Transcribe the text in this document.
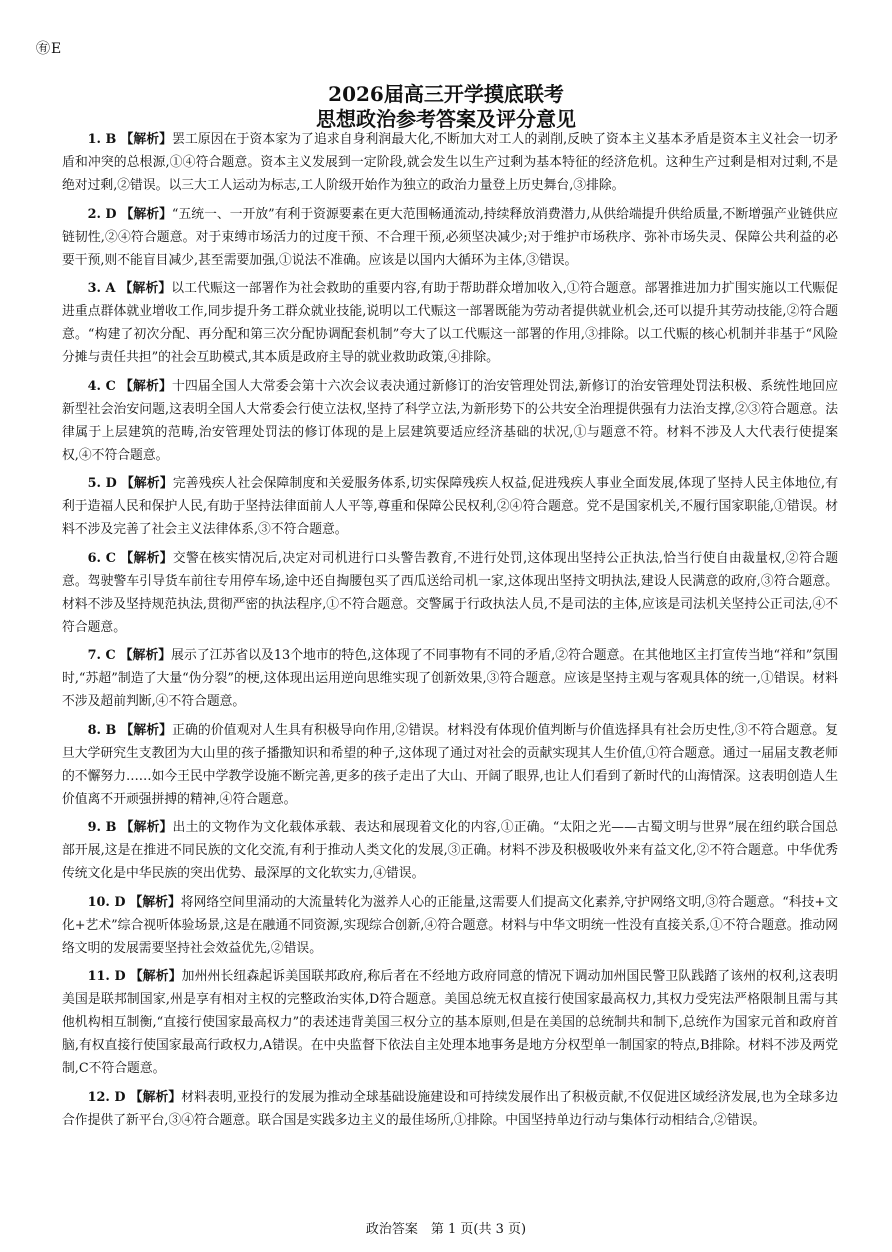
㊒E
2026届高三开学摸底联考
思想政治参考答案及评分意见

1. B 【解析】罢工原因在于资本家为了追求自身利润最大化,不断加大对工人的剥削,反映了资本主义基本矛盾是资本主义社会一切矛盾和冲突的总根源,①④符合题意。资本主义发展到一定阶段,就会发生以生产过剩为基本特征的经济危机。这种生产过剩是相对过剩,不是绝对过剩,②错误。以三大工人运动为标志,工人阶级开始作为独立的政治力量登上历史舞台,③排除。

2. D 【解析】“五统一、一开放”有利于资源要素在更大范围畅通流动,持续释放消费潜力,从供给端提升供给质量,不断增强产业链供应链韧性,②④符合题意。对于束缚市场活力的过度干预、不合理干预,必须坚决减少;对于维护市场秩序、弥补市场失灵、保障公共利益的必要干预,则不能盲目减少,甚至需要加强,①说法不准确。应该是以国内大循环为主体,③错误。

3. A 【解析】以工代赈这一部署作为社会救助的重要内容,有助于帮助群众增加收入,①符合题意。部署推进加力扩围实施以工代赈促进重点群体就业增收工作,同步提升务工群众就业技能,说明以工代赈这一部署既能为劳动者提供就业机会,还可以提升其劳动技能,②符合题意。“构建了初次分配、再分配和第三次分配协调配套机制”夸大了以工代赈这一部署的作用,③排除。以工代赈的核心机制并非基于“风险分摊与责任共担”的社会互助模式,其本质是政府主导的就业救助政策,④排除。

4. C 【解析】十四届全国人大常委会第十六次会议表决通过新修订的治安管理处罚法,新修订的治安管理处罚法积极、系统性地回应新型社会治安问题,这表明全国人大常委会行使立法权,坚持了科学立法,为新形势下的公共安全治理提供强有力法治支撑,②③符合题意。法律属于上层建筑的范畴,治安管理处罚法的修订体现的是上层建筑要适应经济基础的状况,①与题意不符。材料不涉及人大代表行使提案权,④不符合题意。

5. D 【解析】完善残疾人社会保障制度和关爱服务体系,切实保障残疾人权益,促进残疾人事业全面发展,体现了坚持人民主体地位,有利于造福人民和保护人民,有助于坚持法律面前人人平等,尊重和保障公民权利,②④符合题意。党不是国家机关,不履行国家职能,①错误。材料不涉及完善了社会主义法律体系,③不符合题意。

6. C 【解析】交警在核实情况后,决定对司机进行口头警告教育,不进行处罚,这体现出坚持公正执法,恰当行使自由裁量权,②符合题意。驾驶警车引导货车前往专用停车场,途中还自掏腰包买了西瓜送给司机一家,这体现出坚持文明执法,建设人民满意的政府,③符合题意。材料不涉及坚持规范执法,贯彻严密的执法程序,①不符合题意。交警属于行政执法人员,不是司法的主体,应该是司法机关坚持公正司法,④不符合题意。

7. C 【解析】展示了江苏省以及13个地市的特色,这体现了不同事物有不同的矛盾,②符合题意。在其他地区主打宣传当地“祥和”氛围时,“苏超”制造了大量“伪分裂”的梗,这体现出运用逆向思维实现了创新效果,③符合题意。应该是坚持主观与客观具体的统一,①错误。材料不涉及超前判断,④不符合题意。

8. B 【解析】正确的价值观对人生具有积极导向作用,②错误。材料没有体现价值判断与价值选择具有社会历史性,③不符合题意。复旦大学研究生支教团为大山里的孩子播撒知识和希望的种子,这体现了通过对社会的贡献实现其人生价值,①符合题意。通过一届届支教老师的不懈努力……如今王民中学教学设施不断完善,更多的孩子走出了大山、开阔了眼界,也让人们看到了新时代的山海情深。这表明创造人生价值离不开顽强拼搏的精神,④符合题意。

9. B 【解析】出土的文物作为文化载体承载、表达和展现着文化的内容,①正确。“太阳之光——古蜀文明与世界”展在纽约联合国总部开展,这是在推进不同民族的文化交流,有利于推动人类文化的发展,③正确。材料不涉及积极吸收外来有益文化,②不符合题意。中华优秀传统文化是中华民族的突出优势、最深厚的文化软实力,④错误。

10. D 【解析】将网络空间里涌动的大流量转化为滋养人心的正能量,这需要人们提高文化素养,守护网络文明,③符合题意。“科技+文化+艺术”综合视听体验场景,这是在融通不同资源,实现综合创新,④符合题意。材料与中华文明统一性没有直接关系,①不符合题意。推动网络文明的发展需要坚持社会效益优先,②错误。

11. D 【解析】加州州长纽森起诉美国联邦政府,称后者在不经地方政府同意的情况下调动加州国民警卫队践踏了该州的权利,这表明美国是联邦制国家,州是享有相对主权的完整政治实体,D符合题意。美国总统无权直接行使国家最高权力,其权力受宪法严格限制且需与其他机构相互制衡,“直接行使国家最高权力”的表述违背美国三权分立的基本原则,但是在美国的总统制共和制下,总统作为国家元首和政府首脑,有权直接行使国家最高行政权力,A错误。在中央监督下依法自主处理本地事务是地方分权型单一制国家的特点,B排除。材料不涉及两党制,C不符合题意。

12. D 【解析】材料表明,亚投行的发展为推动全球基础设施建设和可持续发展作出了积极贡献,不仅促进区域经济发展,也为全球多边合作提供了新平台,③④符合题意。联合国是实践多边主义的最佳场所,①排除。中国坚持单边行动与集体行动相结合,②错误。

政治答案　第 1 页(共 3 页)
